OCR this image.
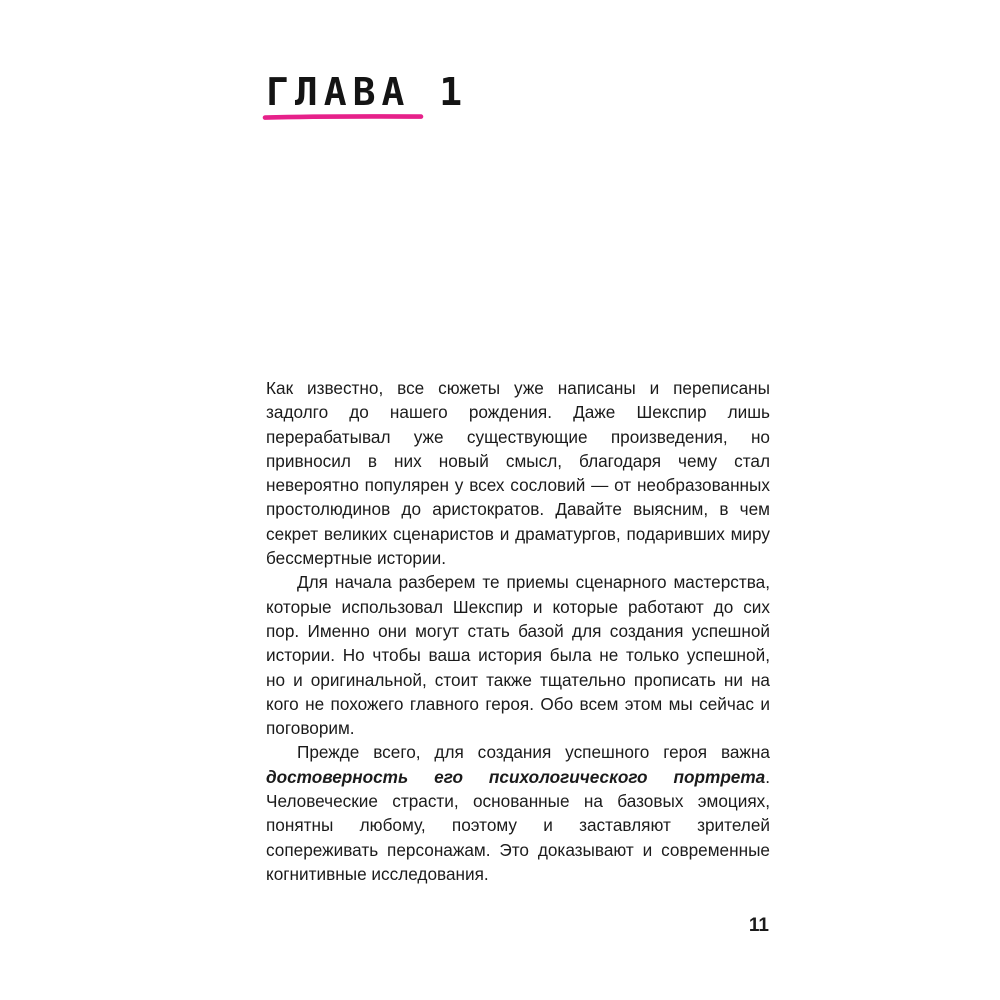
ГЛАВА 1

Как известно, все сюжеты уже написаны и переписаны задолго до нашего рождения. Даже Шекспир лишь перерабатывал уже существующие произведения, но привносил в них новый смысл, благодаря чему стал невероятно популярен у всех сословий — от необразованных простолюдинов до аристократов. Давайте выясним, в чем секрет великих сценаристов и драматургов, подаривших миру бессмертные истории.

Для начала разберем те приемы сценарного мастерства, которые использовал Шекспир и которые работают до сих пор. Именно они могут стать базой для создания успешной истории. Но чтобы ваша история была не только успешной, но и оригинальной, стоит также тщательно прописать ни на кого не похожего главного героя. Обо всем этом мы сейчас и поговорим.

Прежде всего, для создания успешного героя важна достоверность его психологического портрета. Человеческие страсти, основанные на базовых эмоциях, понятны любому, поэтому и заставляют зрителей сопереживать персонажам. Это доказывают и современные когнитивные исследования.

11
